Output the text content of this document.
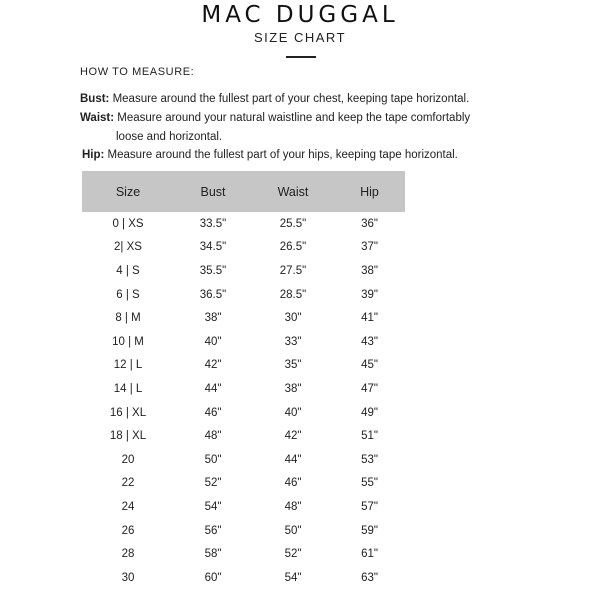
MAC DUGGAL
SIZE CHART
HOW TO MEASURE:
Bust: Measure around the fullest part of your chest, keeping tape horizontal.
Waist: Measure around your natural waistline and keep the tape comfortably
loose and horizontal.
Hip: Measure around the fullest part of your hips, keeping tape horizontal.
Size	Bust	Waist	Hip
0 | XS	33.5"	25.5"	36"
2| XS	34.5"	26.5"	37"
4 | S	35.5"	27.5"	38"
6 | S	36.5"	28.5"	39"
8 | M	38"	30"	41"
10 | M	40"	33"	43"
12 | L	42"	35"	45"
14 | L	44"	38"	47"
16 | XL	46"	40"	49"
18 | XL	48"	42"	51"
20	50"	44"	53"
22	52"	46"	55"
24	54"	48"	57"
26	56"	50"	59"
28	58"	52"	61"
30	60"	54"	63"
